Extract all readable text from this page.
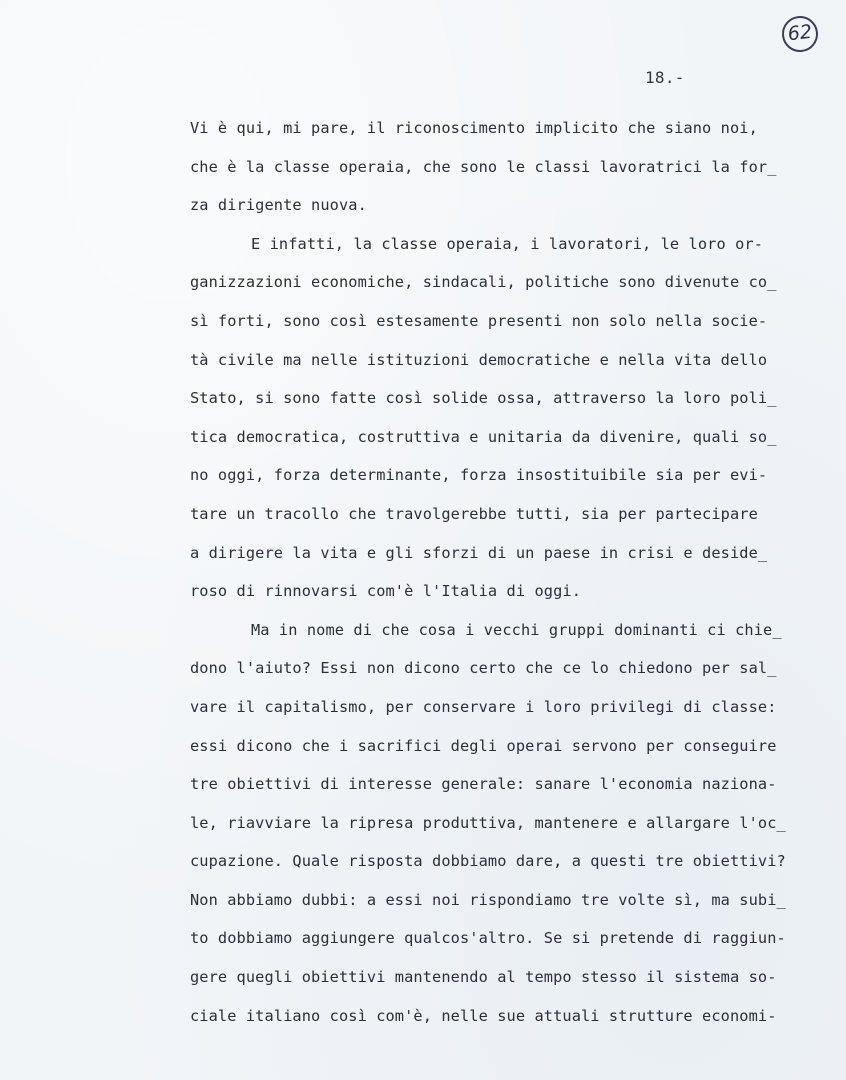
62
18.-
Vi è qui, mi pare, il riconoscimento implicito che siano noi,
che è la classe operaia, che sono le classi lavoratrici la for_
za dirigente nuova.
E infatti, la classe operaia, i lavoratori, le loro or-
ganizzazioni economiche, sindacali, politiche sono divenute co_
sì forti, sono così estesamente presenti non solo nella socie-
tà civile ma nelle istituzioni democratiche e nella vita dello
Stato, si sono fatte così solide ossa, attraverso la loro poli_
tica democratica, costruttiva e unitaria da divenire, quali so_
no oggi, forza determinante, forza insostituibile sia per evi-
tare un tracollo che travolgerebbe tutti, sia per partecipare
a dirigere la vita e gli sforzi di un paese in crisi e deside_
roso di rinnovarsi com'è l'Italia di oggi.
Ma in nome di che cosa i vecchi gruppi dominanti ci chie_
dono l'aiuto? Essi non dicono certo che ce lo chiedono per sal_
vare il capitalismo, per conservare i loro privilegi di classe:
essi dicono che i sacrifici degli operai servono per conseguire
tre obiettivi di interesse generale: sanare l'economia naziona-
le, riavviare la ripresa produttiva, mantenere e allargare l'oc_
cupazione. Quale risposta dobbiamo dare, a questi tre obiettivi?
Non abbiamo dubbi: a essi noi rispondiamo tre volte sì, ma subi_
to dobbiamo aggiungere qualcos'altro. Se si pretende di raggiun-
gere quegli obiettivi mantenendo al tempo stesso il sistema so-
ciale italiano così com'è, nelle sue attuali strutture economi-
